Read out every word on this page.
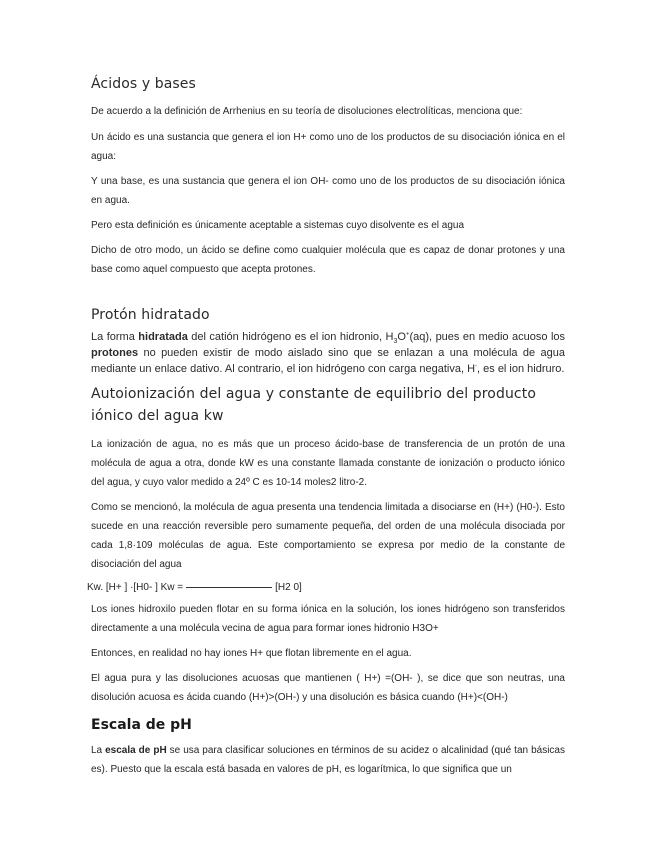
Ácidos y bases

De acuerdo a la definición de Arrhenius en su teoría de disoluciones electrolíticas, menciona que:

Un ácido es una sustancia que genera el ion H+ como uno de los productos de su disociación iónica en el agua:

Y una base, es una sustancia que genera el ion OH- como uno de los productos de su disociación iónica en agua.

Pero esta definición es únicamente aceptable a sistemas cuyo disolvente es el agua

Dicho de otro modo, un ácido se define como cualquier molécula que es capaz de donar protones y una base como aquel compuesto que acepta protones.

Protón hidratado

La forma hidratada del catión hidrógeno es el ion hidronio, $H_3O^+(aq)$, pues en medio acuoso los protones no pueden existir de modo aislado sino que se enlazan a una molécula de agua mediante un enlace dativo. Al contrario, el ion hidrógeno con carga negativa, H-, es el ion hidruro.

Autoionización del agua y constante de equilibrio del producto iónico del agua kw

La ionización de agua, no es más que un proceso ácido-base de transferencia de un protón de una molécula de agua a otra, donde kW es una constante llamada constante de ionización o producto iónico del agua, y cuyo valor medido a 24º C es 10-14 moles2 litro-2.

Como se mencionó, la molécula de agua presenta una tendencia limitada a disociarse en (H+) (H0-). Esto sucede en una reacción reversible pero sumamente pequeña, del orden de una molécula disociada por cada 1,8·109 moléculas de agua. Este comportamiento se expresa por medio de la constante de disociación del agua

Kw. [H+ ] ·[H0- ] Kw =	[H2 0]

Los iones hidroxilo pueden flotar en su forma iónica en la solución, los iones hidrógeno son transferidos directamente a una molécula vecina de agua para formar iones hidronio H3O+

Entonces, en realidad no hay iones H+ que flotan libremente en el agua.

El agua pura y las disoluciones acuosas que mantienen ( H+) =(OH- ), se dice que son neutras, una disolución acuosa es ácida cuando (H+)>(OH-) y una disolución es básica cuando (H+)<(OH-)

Escala de pH

La escala de pH se usa para clasificar soluciones en términos de su acidez o alcalinidad (qué tan básicas es). Puesto que la escala está basada en valores de pH, es logarítmica, lo que significa que un
